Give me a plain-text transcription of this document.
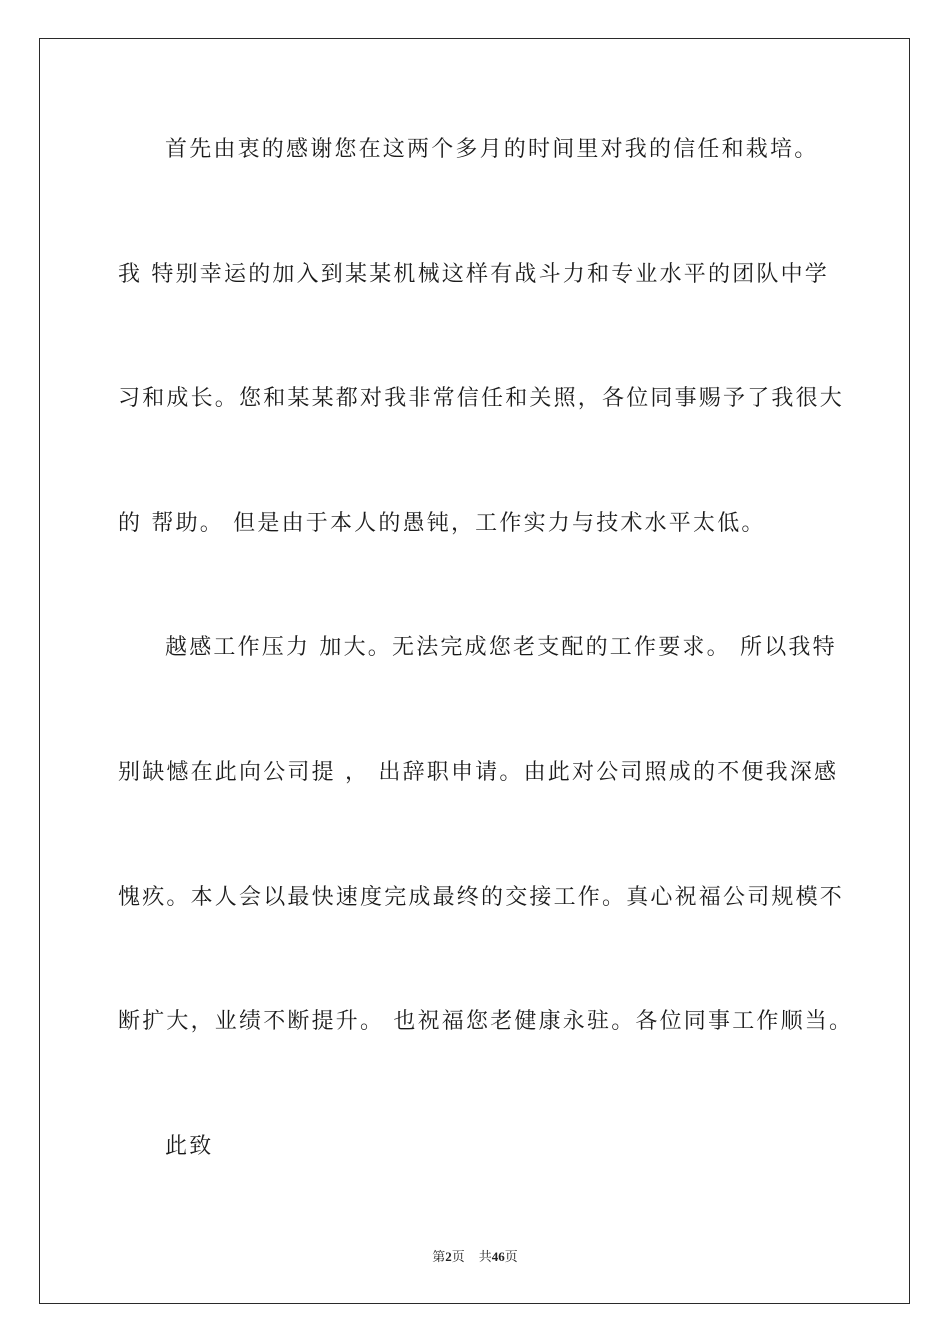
首先由衷的感谢您在这两个多月的时间里对我的信任和栽培。
我 特别幸运的加入到某某机械这样有战斗力和专业水平的团队中学
习和成长。您和某某都对我非常信任和关照，各位同事赐予了我很大
的 帮助。 但是由于本人的愚钝，工作实力与技术水平太低。
越感工作压力 加大。无法完成您老支配的工作要求。 所以我特
别缺憾在此向公司提 ， 出辞职申请。由此对公司照成的不便我深感
愧疚。本人会以最快速度完成最终的交接工作。真心祝福公司规模不
断扩大，业绩不断提升。 也祝福您老健康永驻。各位同事工作顺当。
此致
第2页 共46页
